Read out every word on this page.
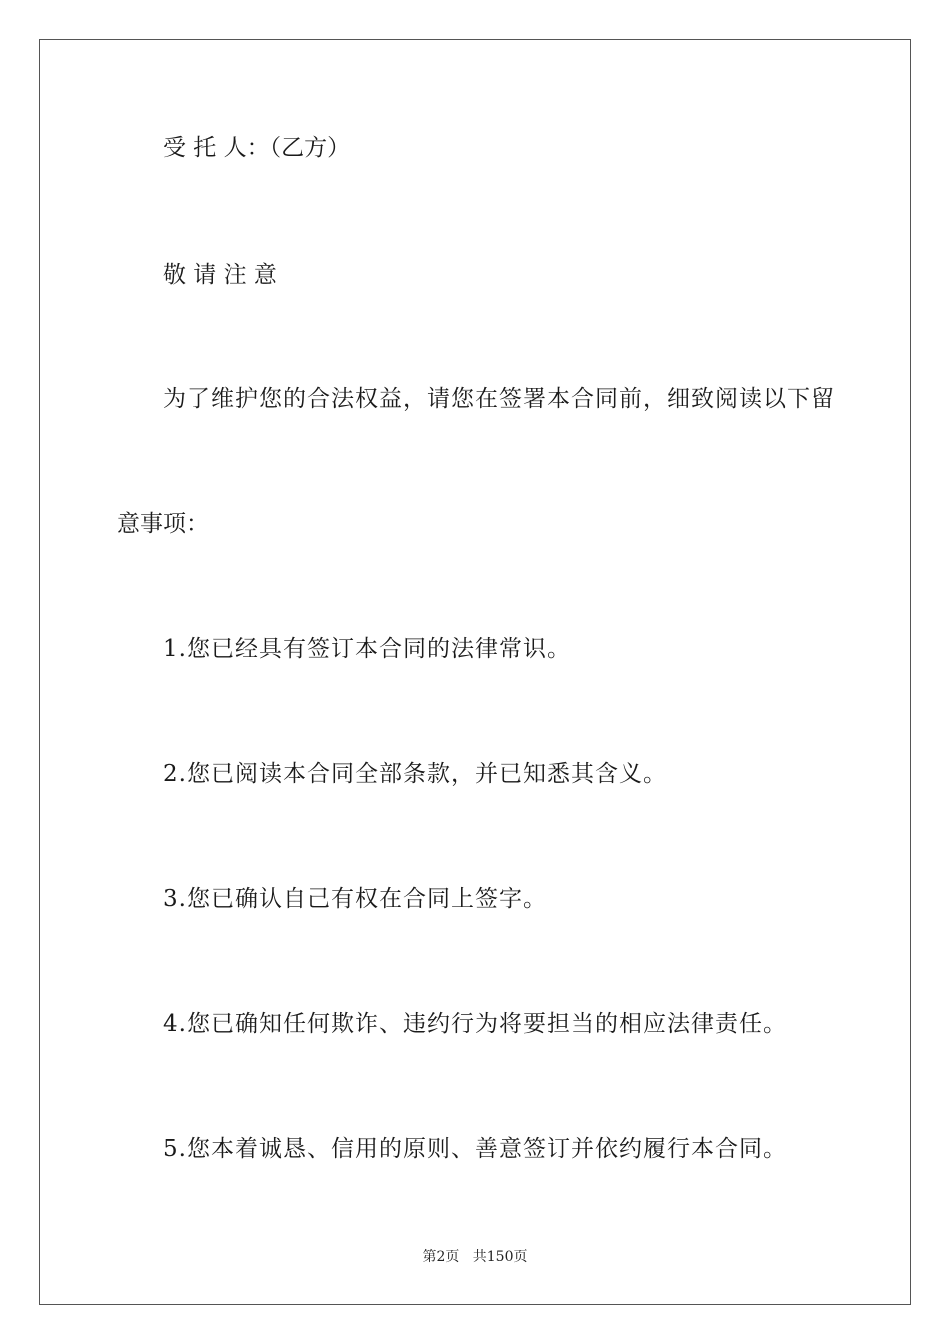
受 托 人：（乙方）
敬 请 注 意
为了维护您的合法权益，请您在签署本合同前，细致阅读以下留
意事项：
1.您已经具有签订本合同的法律常识。
2.您已阅读本合同全部条款，并已知悉其含义。
3.您已确认自己有权在合同上签字。
4.您已确知任何欺诈、违约行为将要担当的相应法律责任。
5.您本着诚恳、信用的原则、善意签订并依约履行本合同。
第2页   共150页
